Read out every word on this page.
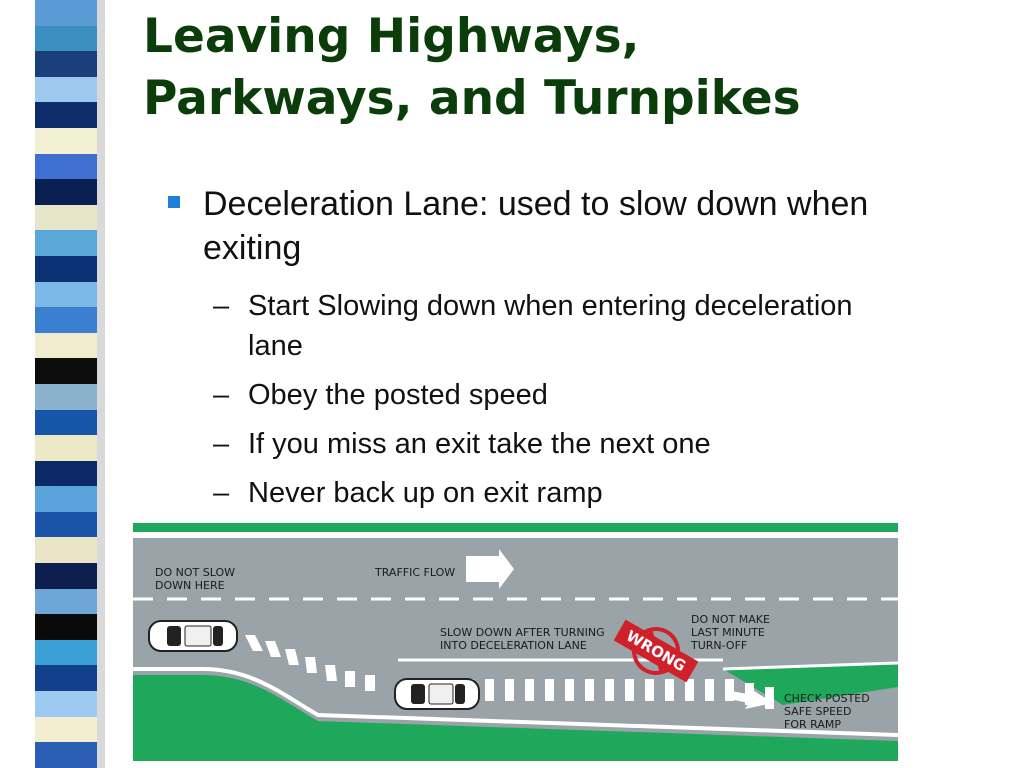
Leaving Highways,
Parkways, and Turnpikes
Deceleration Lane: used to slow down when exiting
– Start Slowing down when entering deceleration lane
– Obey the posted speed
– If you miss an exit take the next one
– Never back up on exit ramp
WRONG
DO NOT SLOW
DOWN HERE
TRAFFIC FLOW
SLOW DOWN AFTER TURNING
INTO DECELERATION LANE
DO NOT MAKE
LAST MINUTE
TURN-OFF
CHECK POSTED
SAFE SPEED
FOR RAMP
